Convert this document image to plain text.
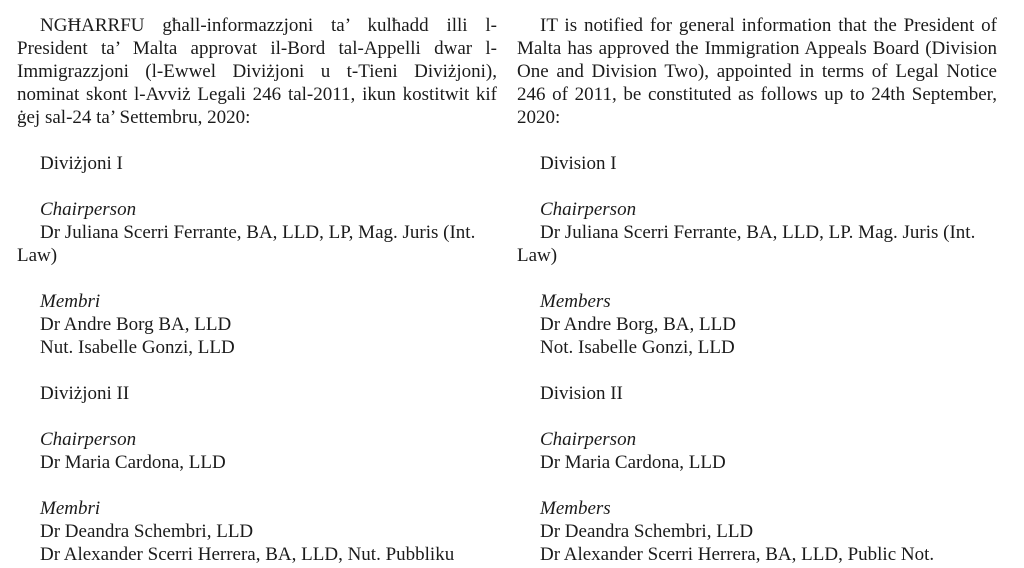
NGĦARRFU għall-informazzjoni ta’ kulħadd illi l-President ta’ Malta approvat il-Bord tal-Appelli dwar l-Immigrazzjoni (l-Ewwel Diviżjoni u t-Tieni Diviżjoni), nominat skont l-Avviż Legali 246 tal-2011, ikun kostitwit kif ġej sal-24 ta’ Settembru, 2020:

Diviżjoni I
Chairperson
Dr Juliana Scerri Ferrante, BA, LLD, LP, Mag. Juris (Int. Law)
Membri
Dr Andre Borg BA, LLD
Nut. Isabelle Gonzi, LLD
Diviżjoni II
Chairperson
Dr Maria Cardona, LLD
Membri
Dr Deandra Schembri, LLD
Dr Alexander Scerri Herrera, BA, LLD, Nut. Pubbliku

IT is notified for general information that the President of Malta has approved the Immigration Appeals Board (Division One and Division Two), appointed in terms of Legal Notice 246 of 2011, be constituted as follows up to 24th September, 2020:

Division I
Chairperson
Dr Juliana Scerri Ferrante, BA, LLD, LP. Mag. Juris (Int. Law)
Members
Dr Andre Borg, BA, LLD
Not. Isabelle Gonzi, LLD
Division II
Chairperson
Dr Maria Cardona, LLD
Members
Dr Deandra Schembri, LLD
Dr Alexander Scerri Herrera, BA, LLD, Public Not.
